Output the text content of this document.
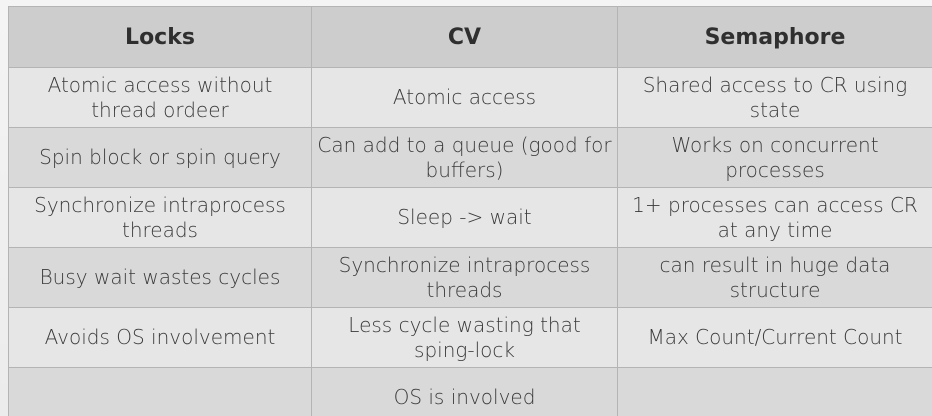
Locks	CV	Semaphore
Atomic access without thread ordeer	Atomic access	Shared access to CR using state
Spin block or spin query	Can add to a queue (good for buffers)	Works on concurrent processes
Synchronize intraprocess threads	Sleep -> wait	1+ processes can access CR at any time
Busy wait wastes cycles	Synchronize intraprocess threads	can result in huge data structure
Avoids OS involvement	Less cycle wasting that sping-lock	Max Count/Current Count
	OS is involved	
